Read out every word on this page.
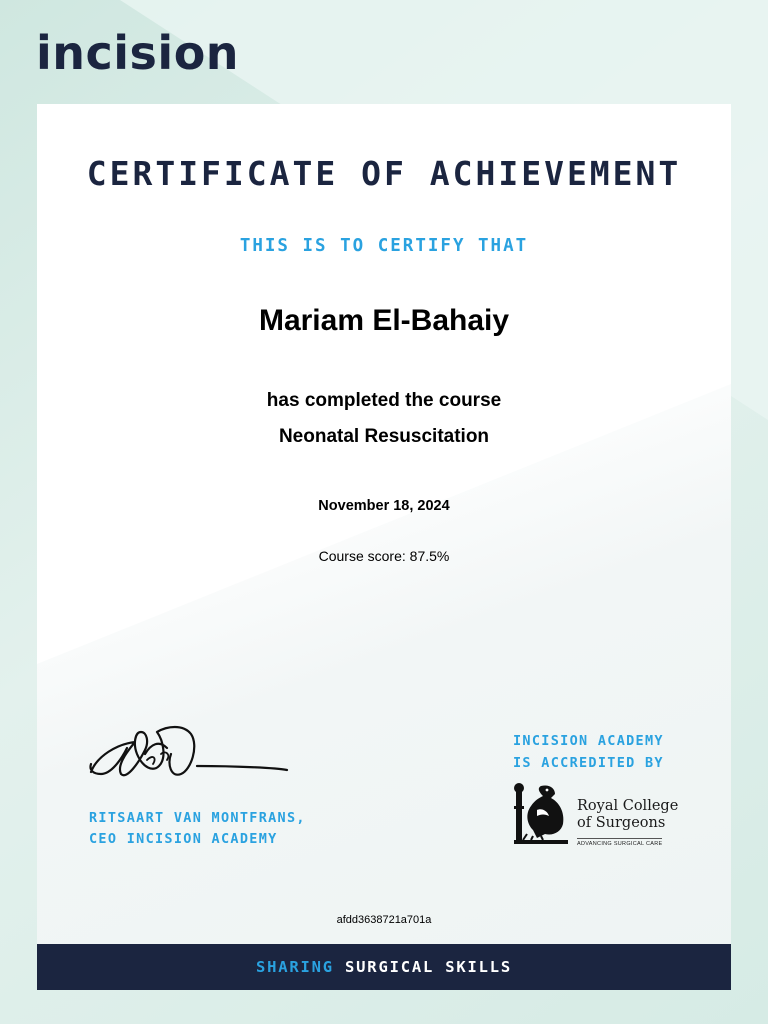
incision
CERTIFICATE OF ACHIEVEMENT
THIS IS TO CERTIFY THAT
Mariam El-Bahaiy
has completed the course
Neonatal Resuscitation
November 18, 2024
Course score: 87.5%
RITSAART VAN MONTFRANS,
CEO INCISION ACADEMY
INCISION ACADEMY
IS ACCREDITED BY
Royal College
of Surgeons
ADVANCING SURGICAL CARE
afdd3638721a701a
SHARING SURGICAL SKILLS
